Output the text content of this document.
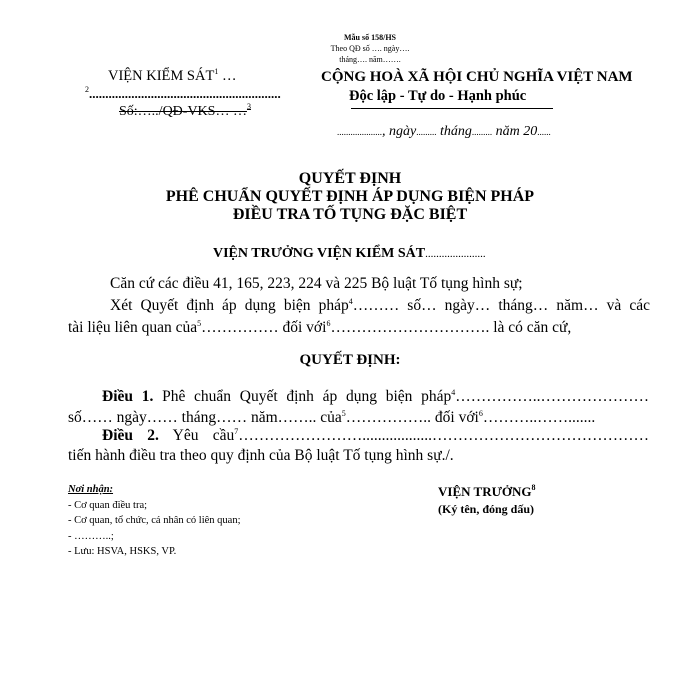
Mẫu số 158/HS
Theo QĐ số …. ngày….
tháng…. năm…….
VIỆN KIỂM SÁT$^1$ …
$^2$...........................................................
Số:…../QĐ-VKS… …$^3$
CỘNG HOÀ XÃ HỘI CHỦ NGHĨA VIỆT NAM
Độc lập - Tự do - Hạnh phúc
...................., ngày......... tháng......... năm 20......
QUYẾT ĐỊNH
PHÊ CHUẨN QUYẾT ĐỊNH ÁP DỤNG BIỆN PHÁP
ĐIỀU TRA TỐ TỤNG ĐẶC BIỆT
VIỆN TRƯỞNG VIỆN KIỂM SÁT......................
Căn cứ các điều 41, 165, 223, 224 và 225 Bộ luật Tố tụng hình sự;
Xét Quyết định áp dụng biện pháp$^4$……… số… ngày… tháng… năm… và các
tài liệu liên quan của$^5$…………… đối với$^6$…………………………. là có căn cứ,
QUYẾT ĐỊNH:
Điều 1. Phê chuẩn Quyết định áp dụng biện pháp$^4$……………..…………………
số…… ngày…… tháng…… năm…….. của$^5$…………….. đối với$^6$………..…….......
Điều 2. Yêu cầu$^7$……………………..................……………………………………
tiến hành điều tra theo quy định của Bộ luật Tố tụng hình sự./.
Nơi nhận:
- Cơ quan điều tra;
- Cơ quan, tổ chức, cá nhân có liên quan;
- ………..;
- Lưu: HSVA, HSKS, VP.
VIỆN TRƯỞNG$^8$
(Ký tên, đóng dấu)
